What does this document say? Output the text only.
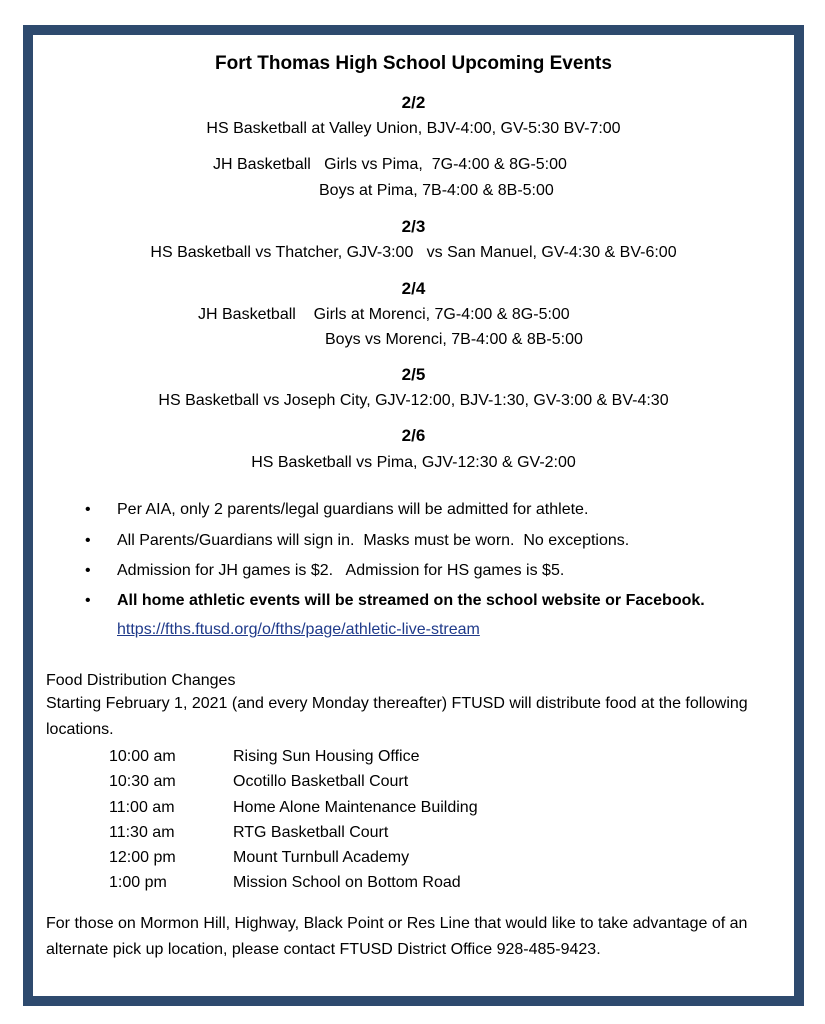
Fort Thomas High School Upcoming Events
2/2
HS Basketball at Valley Union, BJV-4:00, GV-5:30 BV-7:00
JH Basketball   Girls vs Pima,  7G-4:00 & 8G-5:00
Boys at Pima, 7B-4:00 & 8B-5:00
2/3
HS Basketball vs Thatcher, GJV-3:00   vs San Manuel, GV-4:30 & BV-6:00
2/4
JH Basketball    Girls at Morenci, 7G-4:00 & 8G-5:00
Boys vs Morenci, 7B-4:00 & 8B-5:00
2/5
HS Basketball vs Joseph City, GJV-12:00, BJV-1:30, GV-3:00 & BV-4:30
2/6
HS Basketball vs Pima, GJV-12:30 & GV-2:00
• Per AIA, only 2 parents/legal guardians will be admitted for athlete.
• All Parents/Guardians will sign in.  Masks must be worn.  No exceptions.
• Admission for JH games is $2.   Admission for HS games is $5.
• All home athletic events will be streamed on the school website or Facebook.
https://fths.ftusd.org/o/fths/page/athletic-live-stream
Food Distribution Changes
Starting February 1, 2021 (and every Monday thereafter) FTUSD will distribute food at the following locations.
10:00 am	Rising Sun Housing Office
10:30 am	Ocotillo Basketball Court
11:00 am	Home Alone Maintenance Building
11:30 am	RTG Basketball Court
12:00 pm	Mount Turnbull Academy
1:00 pm	Mission School on Bottom Road
For those on Mormon Hill, Highway, Black Point or Res Line that would like to take advantage of an alternate pick up location, please contact FTUSD District Office 928-485-9423.
